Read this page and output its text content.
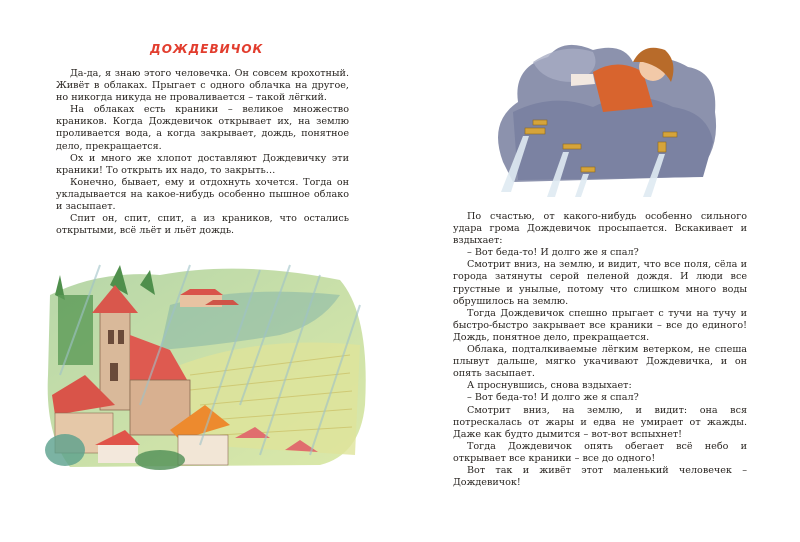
ДОЖДЕВИЧОК

Да-да, я знаю этого человечка. Он совсем крохотный. Живёт в облаках. Прыгает с одного облачка на другое, но никогда никуда не проваливается – такой лёгкий.

На облаках есть краники – великое множество краников. Когда Дождевичок открывает их, на землю проливается вода, а когда закрывает, дождь, понятное дело, прекращается.

Ох и много же хлопот доставляют Дождевичку эти краники! То открыть их надо, то закрыть…

Конечно, бывает, ему и отдохнуть хочется. Тогда он укладывается на какое-нибудь особенно пышное облако и засыпает.

Спит он, спит, спит, а из краников, что остались открытыми, всё льёт и льёт дождь.

По счастью, от какого-нибудь особенно сильного удара грома Дождевичок просыпается. Вскакивает и вздыхает:

– Вот беда-то! И долго же я спал?

Смотрит вниз, на землю, и видит, что все поля, сёла и города затянуты серой пеленой дождя. И люди все грустные и унылые, потому что слишком много воды обрушилось на землю.

Тогда Дождевичок спешно прыгает с тучи на тучу и быстро-быстро закрывает все краники – все до единого! Дождь, понятное дело, прекращается.

Облака, подталкиваемые лёгким ветерком, не спеша плывут дальше, мягко укачивают Дождевичка, и он опять засыпает.

А проснувшись, снова вздыхает:

– Вот беда-то! И долго же я спал?

Смотрит вниз, на землю, и видит: она вся потрескалась от жары и едва не умирает от жажды. Даже как будто дымится – вот-вот вспыхнет!

Тогда Дождевичок опять обегает всё небо и открывает все краники – все до одного!

Вот так и живёт этот маленький человечек – Дождевичок!
